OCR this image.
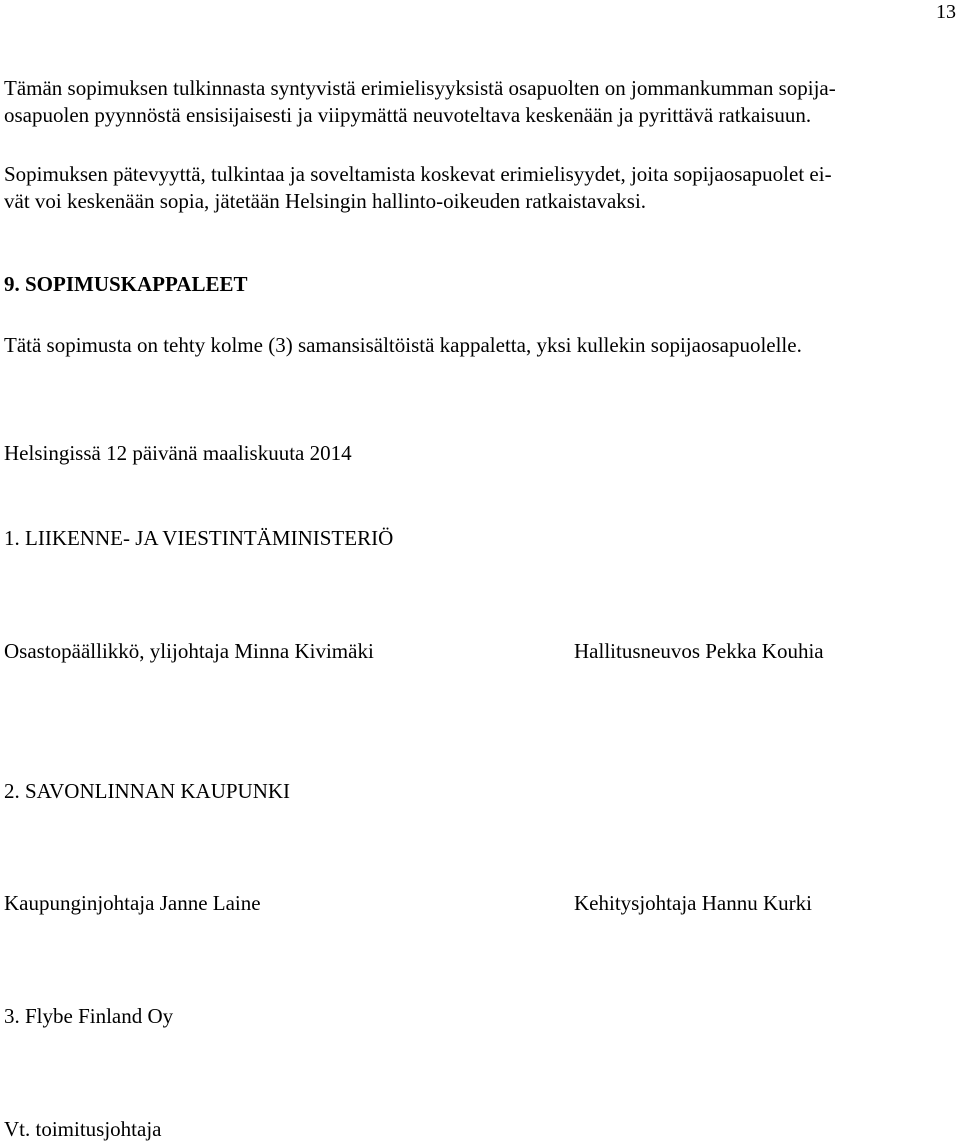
13
Tämän sopimuksen tulkinnasta syntyvistä erimielisyyksistä osapuolten on jommankumman sopija-
osapuolen pyynnöstä ensisijaisesti ja viipymättä neuvoteltava keskenään ja pyrittävä ratkaisuun.
Sopimuksen pätevyyttä, tulkintaa ja soveltamista koskevat erimielisyydet, joita sopijaosapuolet ei-
vät voi keskenään sopia, jätetään Helsingin hallinto-oikeuden ratkaistavaksi.
9. SOPIMUSKAPPALEET
Tätä sopimusta on tehty kolme (3) samansisältöistä kappaletta, yksi kullekin sopijaosapuolelle.
Helsingissä 12 päivänä maaliskuuta 2014
1. LIIKENNE- JA VIESTINTÄMINISTERIÖ
Osastopäällikkö, ylijohtaja Minna Kivimäki	Hallitusneuvos Pekka Kouhia
2. SAVONLINNAN KAUPUNKI
Kaupunginjohtaja Janne Laine	Kehitysjohtaja Hannu Kurki
3. Flybe Finland Oy
Vt. toimitusjohtaja
